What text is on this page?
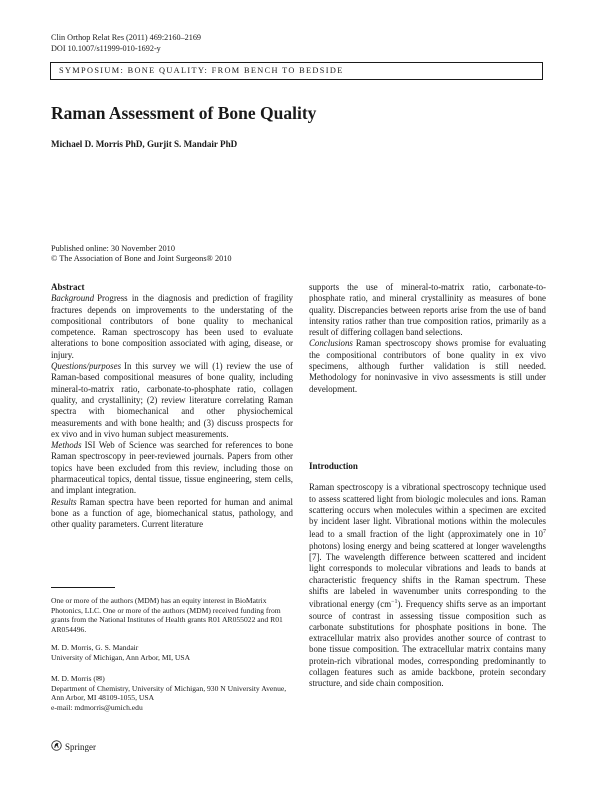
Clin Orthop Relat Res (2011) 469:2160–2169
DOI 10.1007/s11999-010-1692-y
SYMPOSIUM: BONE QUALITY: FROM BENCH TO BEDSIDE
Raman Assessment of Bone Quality
Michael D. Morris PhD, Gurjit S. Mandair PhD
Published online: 30 November 2010
© The Association of Bone and Joint Surgeons® 2010
Abstract

Background Progress in the diagnosis and prediction of fragility fractures depends on improvements to the understating of the compositional contributors of bone quality to mechanical competence. Raman spectroscopy has been used to evaluate alterations to bone composition associated with aging, disease, or injury.

Questions/purposes In this survey we will (1) review the use of Raman-based compositional measures of bone quality, including mineral-to-matrix ratio, carbonate-to-phosphate ratio, collagen quality, and crystallinity; (2) review literature correlating Raman spectra with biomechanical and other physiochemical measurements and with bone health; and (3) discuss prospects for ex vivo and in vivo human subject measurements.

Methods ISI Web of Science was searched for references to bone Raman spectroscopy in peer-reviewed journals. Papers from other topics have been excluded from this review, including those on pharmaceutical topics, dental tissue, tissue engineering, stem cells, and implant integration.

Results Raman spectra have been reported for human and animal bone as a function of age, biomechanical status, pathology, and other quality parameters. Current literature

supports the use of mineral-to-matrix ratio, carbonate-to-phosphate ratio, and mineral crystallinity as measures of bone quality. Discrepancies between reports arise from the use of band intensity ratios rather than true composition ratios, primarily as a result of differing collagen band selections.

Conclusions Raman spectroscopy shows promise for evaluating the compositional contributors of bone quality in ex vivo specimens, although further validation is still needed. Methodology for noninvasive in vivo assessments is still under development.

Introduction

Raman spectroscopy is a vibrational spectroscopy technique used to assess scattered light from biologic molecules and ions. Raman scattering occurs when molecules within a specimen are excited by incident laser light. Vibrational motions within the molecules lead to a small fraction of the light (approximately one in $10^7$ photons) losing energy and being scattered at longer wavelengths [7]. The wavelength difference between scattered and incident light corresponds to molecular vibrations and leads to bands at characteristic frequency shifts in the Raman spectrum. These shifts are labeled in wavenumber units corresponding to the vibrational energy $(cm^{-1})$. Frequency shifts serve as an important source of contrast in assessing tissue composition such as carbonate substitutions for phosphate positions in bone. The extracellular matrix also provides another source of contrast to bone tissue composition. The extracellular matrix contains many protein-rich vibrational modes, corresponding predominantly to collagen features such as amide backbone, protein secondary structure, and side chain composition.

One or more of the authors (MDM) has an equity interest in BioMatrix Photonics, LLC. One or more of the authors (MDM) received funding from grants from the National Institutes of Health grants R01 AR055022 and R01 AR054496.
M. D. Morris, G. S. Mandair
University of Michigan, Ann Arbor, MI, USA
M. D. Morris (✉)
Department of Chemistry, University of Michigan, 930 N University Avenue, Ann Arbor, MI 48109-1055, USA
e-mail: mdmorris@umich.edu
Springer
